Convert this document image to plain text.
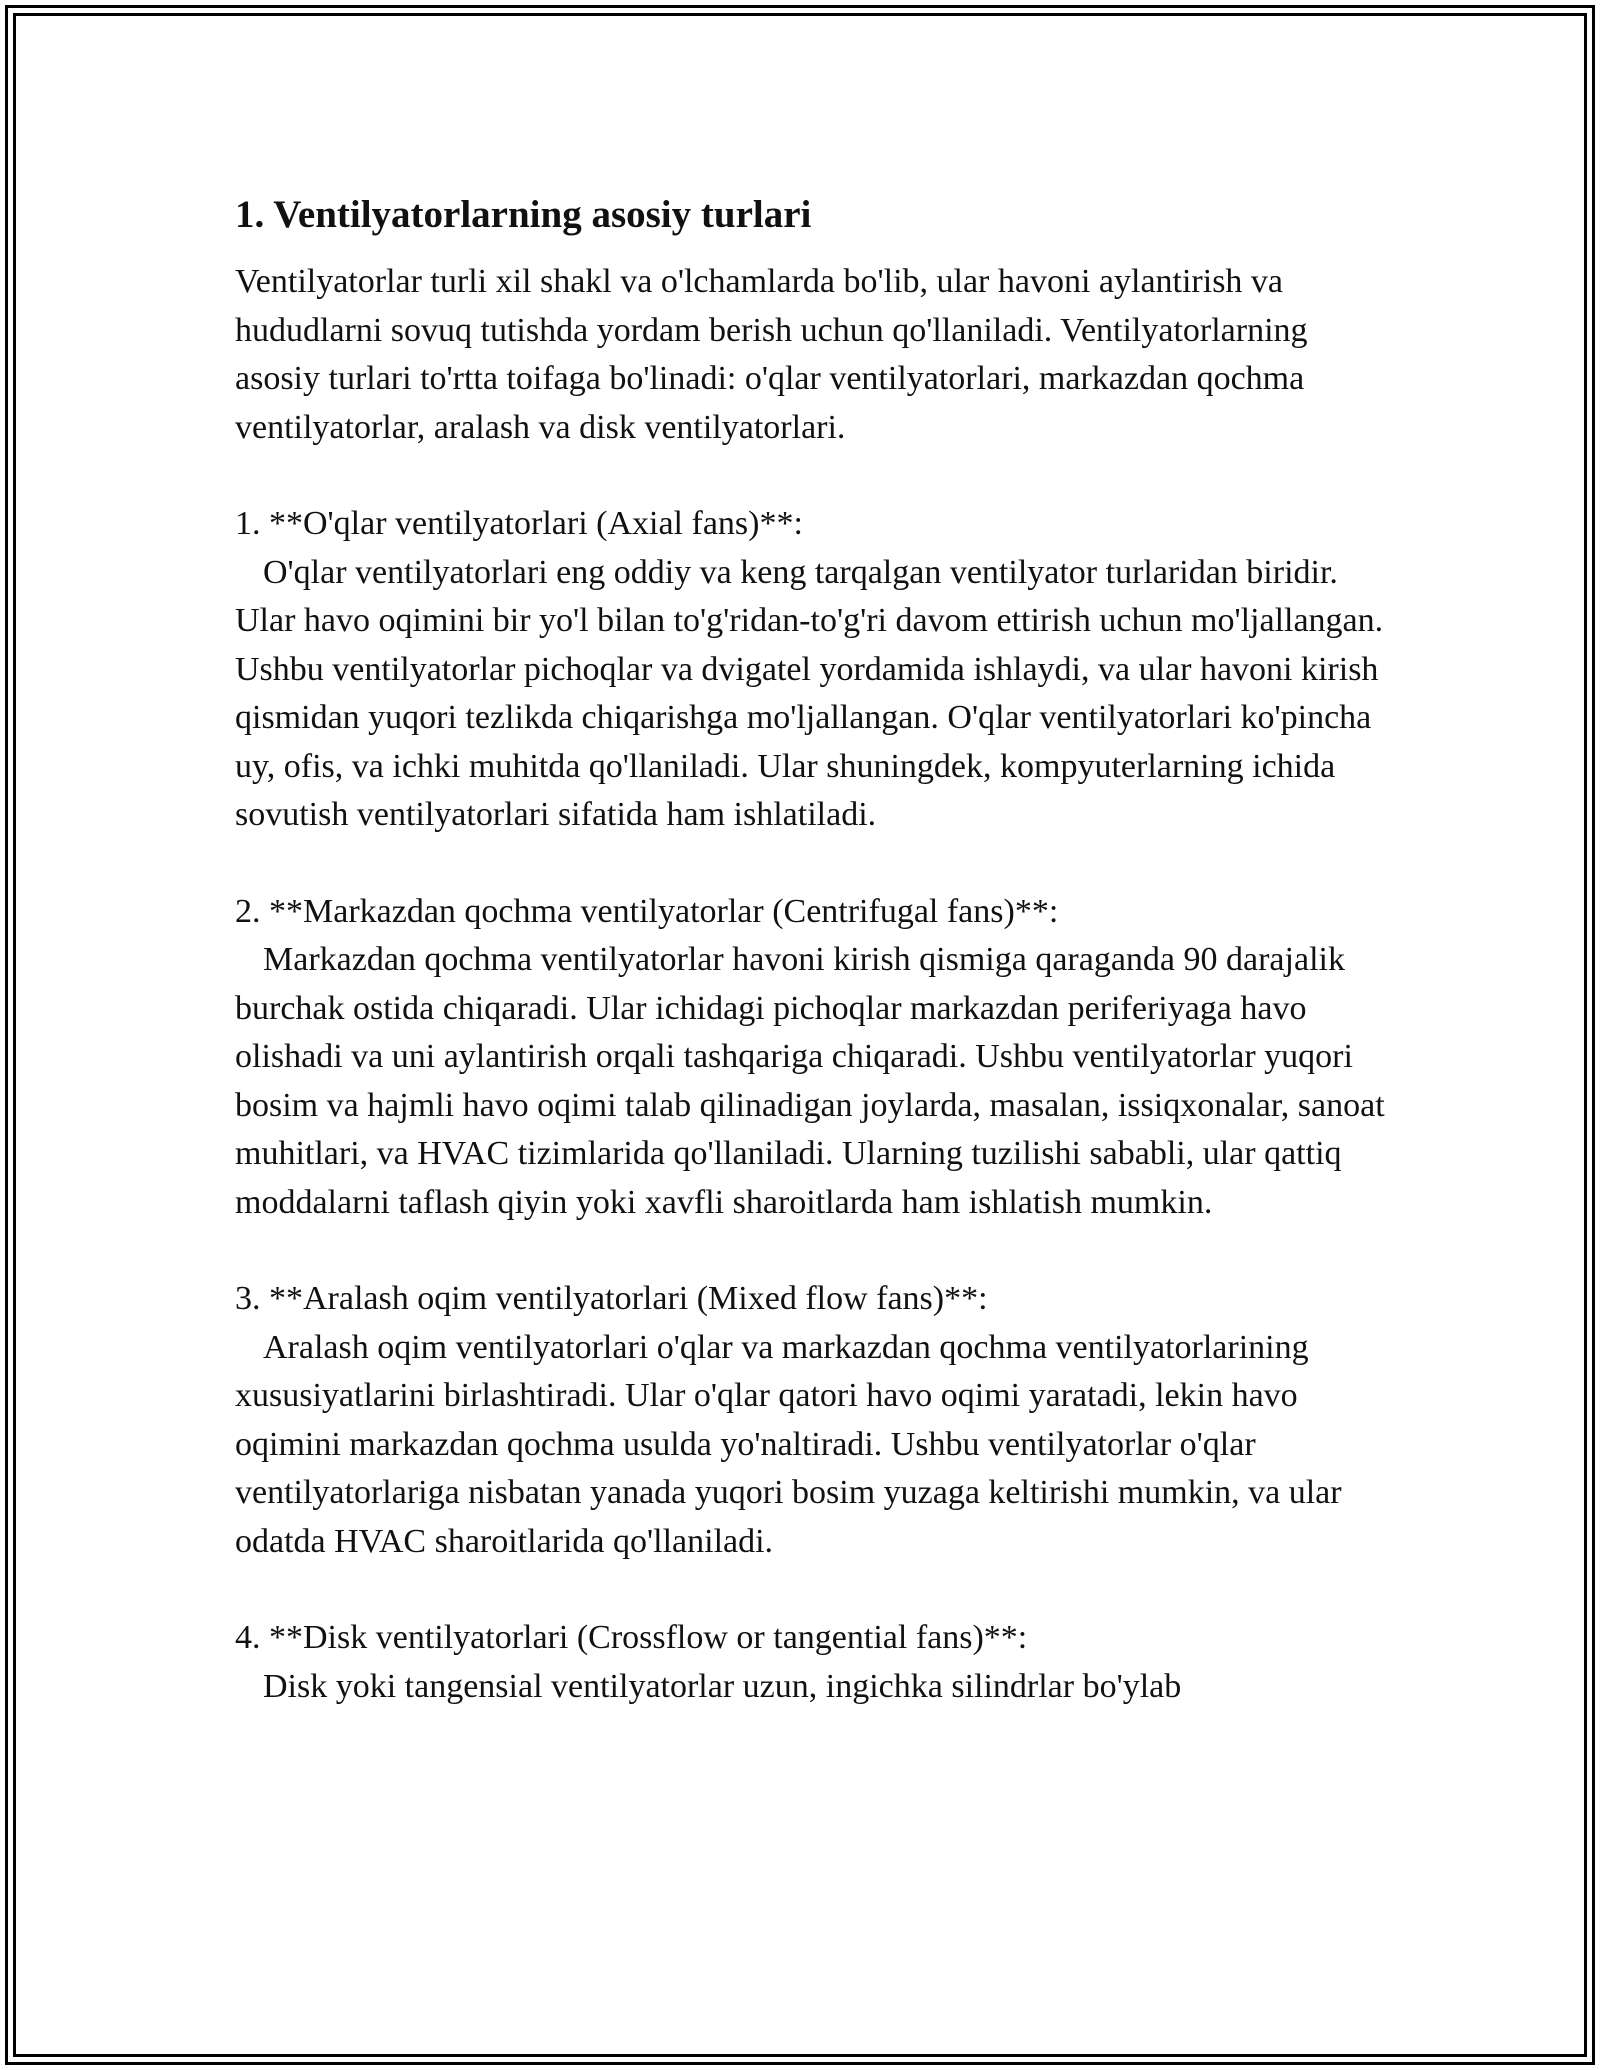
1. Ventilyatorlarning asosiy turlari

Ventilyatorlar turli xil shakl va o'lchamlarda bo'lib, ular havoni aylantirish va hududlarni sovuq tutishda yordam berish uchun qo'llaniladi. Ventilyatorlarning asosiy turlari to'rtta toifaga bo'linadi: o'qlar ventilyatorlari, markazdan qochma ventilyatorlar, aralash va disk ventilyatorlari.

1. **O'qlar ventilyatorlari (Axial fans)**:

O'qlar ventilyatorlari eng oddiy va keng tarqalgan ventilyator turlaridan biridir. Ular havo oqimini bir yo'l bilan to'g'ridan-to'g'ri davom ettirish uchun mo'ljallangan. Ushbu ventilyatorlar pichoqlar va dvigatel yordamida ishlaydi, va ular havoni kirish qismidan yuqori tezlikda chiqarishga mo'ljallangan. O'qlar ventilyatorlari ko'pincha uy, ofis, va ichki muhitda qo'llaniladi. Ular shuningdek, kompyuterlarning ichida sovutish ventilyatorlari sifatida ham ishlatiladi.

2. **Markazdan qochma ventilyatorlar (Centrifugal fans)**:

Markazdan qochma ventilyatorlar havoni kirish qismiga qaraganda 90 darajalik burchak ostida chiqaradi. Ular ichidagi pichoqlar markazdan periferiyaga havo olishadi va uni aylantirish orqali tashqariga chiqaradi. Ushbu ventilyatorlar yuqori bosim va hajmli havo oqimi talab qilinadigan joylarda, masalan, issiqxonalar, sanoat muhitlari, va HVAC tizimlarida qo'llaniladi. Ularning tuzilishi sababli, ular qattiq moddalarni taflash qiyin yoki xavfli sharoitlarda ham ishlatish mumkin.

3. **Aralash oqim ventilyatorlari (Mixed flow fans)**:

Aralash oqim ventilyatorlari o'qlar va markazdan qochma ventilyatorlarining xususiyatlarini birlashtiradi. Ular o'qlar qatori havo oqimi yaratadi, lekin havo oqimini markazdan qochma usulda yo'naltiradi. Ushbu ventilyatorlar o'qlar ventilyatorlariga nisbatan yanada yuqori bosim yuzaga keltirishi mumkin, va ular odatda HVAC sharoitlarida qo'llaniladi.

4. **Disk ventilyatorlari (Crossflow or tangential fans)**:

Disk yoki tangensial ventilyatorlar uzun, ingichka silindrlar bo'ylab
